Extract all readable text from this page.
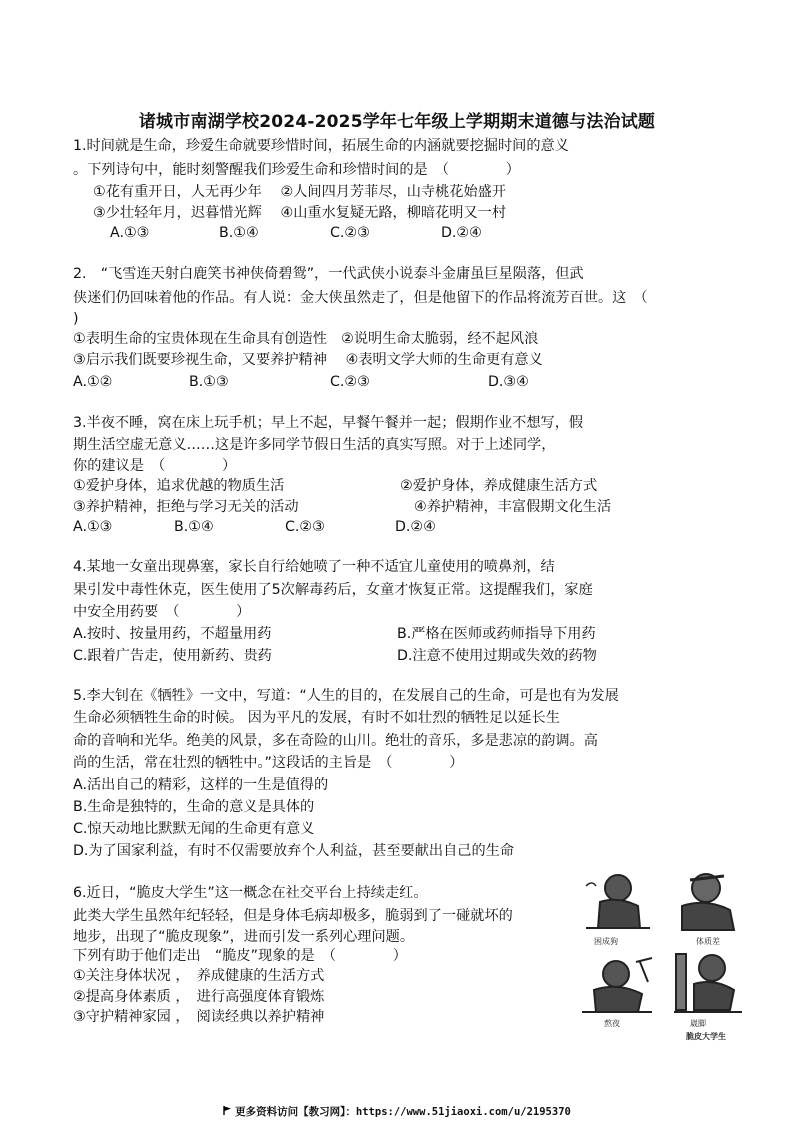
诸城市南湖学校2024-2025学年七年级上学期期末道德与法治试题
1.时间就是生命，珍爱生命就要珍惜时间，拓展生命的内涵就要挖掘时间的意义
。下列诗句中，能时刻警醒我们珍爱生命和珍惜时间的是　（　　　　）
①花有重开日，人无再少年　 ②人间四月芳菲尽，山寺桃花始盛开
③少壮轻年月，迟暮惜光辉　 ④山重水复疑无路，柳暗花明又一村
A.①③	B.①④	C.②③	D.②④
2.　“飞雪连天射白鹿笑书神侠倚碧鸳”，一代武侠小说泰斗金庸虽巨星陨落，但武
侠迷们仍回味着他的作品。有人说：金大侠虽然走了，但是他留下的作品将流芳百世。这　（
)
①表明生命的宝贵体现在生命具有创造性　②说明生命太脆弱，经不起风浪
③启示我们既要珍视生命，又要养护精神　 ④表明文学大师的生命更有意义
A.①②	B.①③	C.②③	D.③④
3.半夜不睡，窝在床上玩手机；早上不起，早餐午餐并一起；假期作业不想写，假
期生活空虚无意义……这是许多同学节假日生活的真实写照。对于上述同学，
你的建议是　（　　　　）
①爱护身体，追求优越的物质生活	②爱护身体，养成健康生活方式
③养护精神，拒绝与学习无关的活动	④养护精神，丰富假期文化生活
A.①③	B.①④	C.②③	D.②④
4.某地一女童出现鼻塞，家长自行给她喷了一种不适宜儿童使用的喷鼻剂，结
果引发中毒性休克，医生使用了5次解毒药后，女童才恢复正常。这提醒我们，家庭
中安全用药要　（　　　　）
A.按时、按量用药，不超量用药	B.严格在医师或药师指导下用药
C.跟着广告走，使用新药、贵药	D.注意不使用过期或失效的药物
5.李大钊在《牺牲》一文中，写道：“人生的目的，在发展自己的生命，可是也有为发展
生命必须牺牲生命的时候。 因为平凡的发展，有时不如壮烈的牺牲足以延长生
命的音响和光华。绝美的风景，多在奇险的山川。绝壮的音乐，多是悲凉的韵调。高
尚的生活，常在壮烈的牺牲中。”这段话的主旨是　（　　　　）
A.活出自己的精彩，这样的一生是值得的
B.生命是独特的，生命的意义是具体的
C.惊天动地比默默无闻的生命更有意义
D.为了国家利益，有时不仅需要放弃个人利益，甚至要献出自己的生命
6.近日，“脆皮大学生”这一概念在社交平台上持续走红。
此类大学生虽然年纪轻轻，但是身体毛病却极多，脆弱到了一碰就坏的
地步，出现了“脆皮现象”，进而引发一系列心理问题。
下列有助于他们走出　“脆皮”现象的是　（　　　　）
①关注身体状况 ，　养成健康的生活方式
②提高身体素质 ，　进行高强度体育锻炼
③守护精神家园 ，　阅读经典以养护精神
困成狗	体质差
熬夜	崴脚
脆皮大学生
更多资料访问【教习网】：https://www.51jiaoxi.com/u/2195370
